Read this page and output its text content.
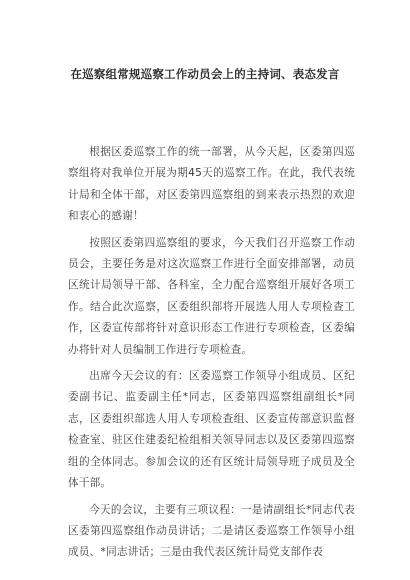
在巡察组常规巡察工作动员会上的主持词、表态发言

根据区委巡察工作的统一部署，从今天起，区委第四巡察组将对我单位开展为期45天的巡察工作。在此，我代表统计局和全体干部，对区委第四巡察组的到来表示热烈的欢迎和衷心的感谢！

按照区委第四巡察组的要求，今天我们召开巡察工作动员会，主要任务是对这次巡察工作进行全面安排部署，动员区统计局领导干部、各科室，全力配合巡察组开展好各项工作。结合此次巡察，区委组织部将开展选人用人专项检查工作，区委宣传部将针对意识形态工作进行专项检查，区委编办将针对人员编制工作进行专项检查。

出席今天会议的有：区委巡察工作领导小组成员、区纪委副书记、监委副主任*同志，区委第四巡察组副组长*同志，区委组织部选人用人专项检查组、区委宣传部意识监督检查室、驻区住建委纪检组相关领导同志以及区委第四巡察组的全体同志。参加会议的还有区统计局领导班子成员及全体干部。

今天的会议，主要有三项议程：一是请副组长*同志代表区委第四巡察组作动员讲话；二是请区委巡察工作领导小组成员、*同志讲话；三是由我代表区统计局党支部作表
